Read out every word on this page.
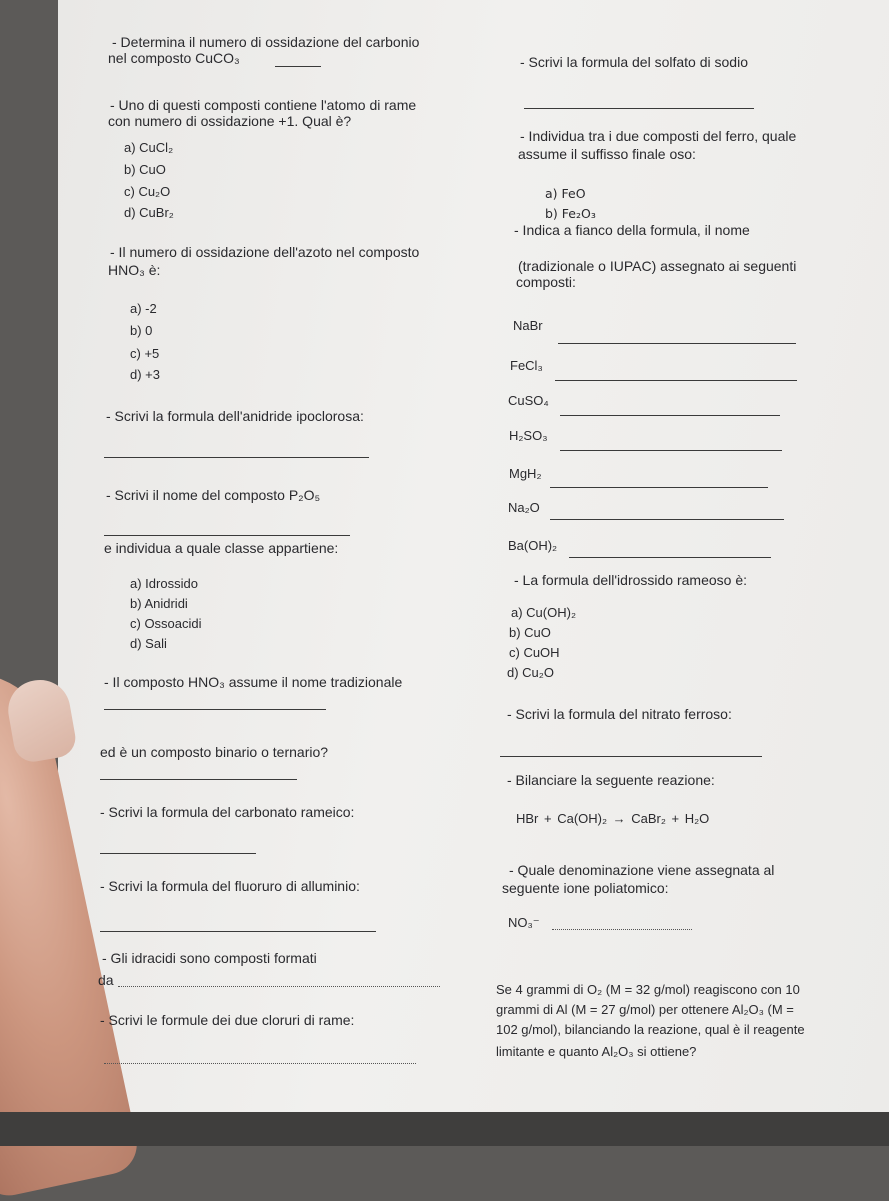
- Determina il numero di ossidazione del carbonio
nel composto CuCO₃
- Uno di questi composti contiene l'atomo di rame
con numero di ossidazione +1. Qual è?
a) CuCl₂
b) CuO
c) Cu₂O
d) CuBr₂
- Il numero di ossidazione dell'azoto nel composto
HNO₃ è:
a) -2
b) 0
c) +5
d) +3
- Scrivi la formula dell'anidride ipoclorosa:
- Scrivi il nome del composto P₂O₅
e individua a quale classe appartiene:
a) Idrossido
b) Anidridi
c) Ossoacidi
d) Sali
- Il composto HNO₃ assume il nome tradizionale
ed è un composto binario o ternario?
- Scrivi la formula del carbonato rameico:
- Scrivi la formula del fluoruro di alluminio:
- Gli idracidi sono composti formati
da
- Scrivi le formule dei due cloruri di rame:
- Scrivi la formula del solfato di sodio
- Individua tra i due composti del ferro, quale
assume il suffisso finale oso:
a) FeO
b) Fe₂O₃
- Indica a fianco della formula, il nome
(tradizionale o IUPAC) assegnato ai seguenti
composti:
NaBr
FeCl₃
CuSO₄
H₂SO₃
MgH₂
Na₂O
Ba(OH)₂
- La formula dell'idrossido rameoso è:
a) Cu(OH)₂
b) CuO
c) CuOH
d) Cu₂O
- Scrivi la formula del nitrato ferroso:
- Bilanciare la seguente reazione:
HBr + Ca(OH)₂ → CaBr₂ + H₂O
- Quale denominazione viene assegnata al
seguente ione poliatomico:
NO₃⁻
Se 4 grammi di O₂ (M = 32 g/mol) reagiscono con 10
grammi di Al (M = 27 g/mol) per ottenere Al₂O₃ (M =
102 g/mol), bilanciando la reazione, qual è il reagente
limitante e quanto Al₂O₃ si ottiene?
